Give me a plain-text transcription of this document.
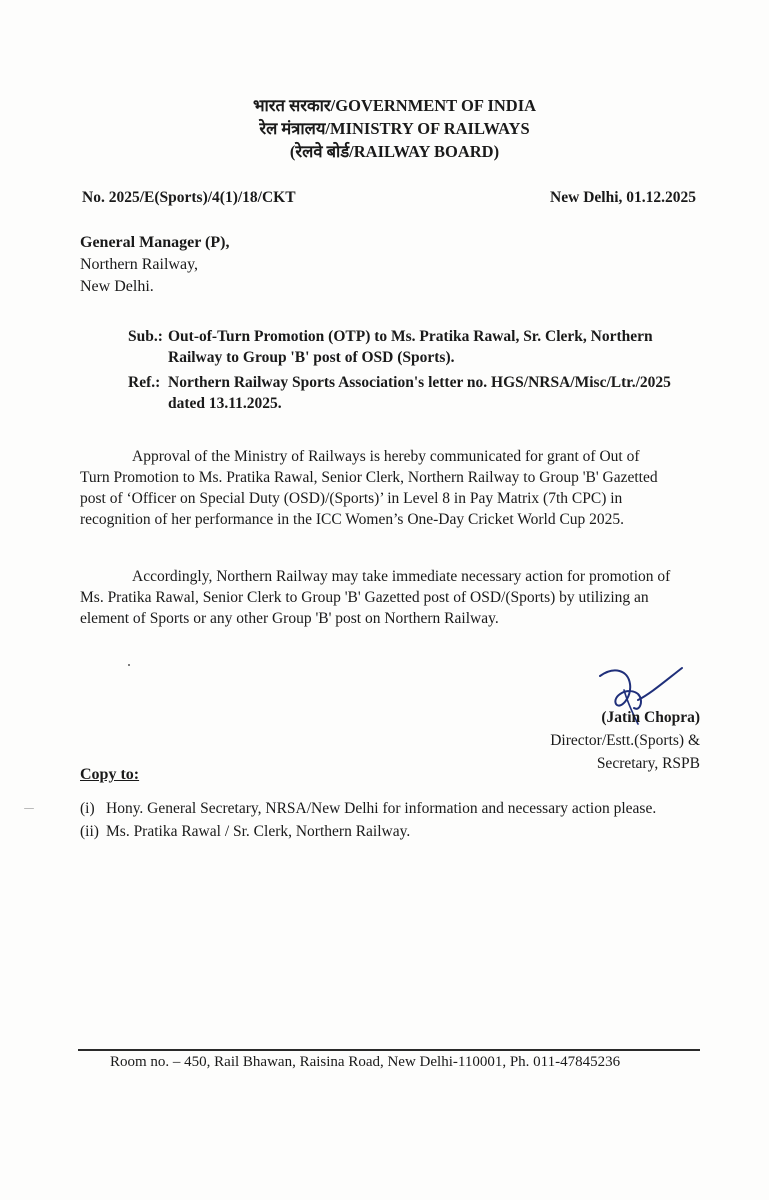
भारत सरकार/GOVERNMENT OF INDIA
रेल मंत्रालय/MINISTRY OF RAILWAYS
(रेलवे बोर्ड/RAILWAY BOARD)
No. 2025/E(Sports)/4(1)/18/CKT	New Delhi, 01.12.2025
General Manager (P),
Northern Railway,
New Delhi.
Sub.: Out-of-Turn Promotion (OTP) to Ms. Pratika Rawal, Sr. Clerk, Northern
Railway to Group 'B' post of OSD (Sports).
Ref.: Northern Railway Sports Association's letter no. HGS/NRSA/Misc/Ltr./2025
dated 13.11.2025.
Approval of the Ministry of Railways is hereby communicated for grant of Out of
Turn Promotion to Ms. Pratika Rawal, Senior Clerk, Northern Railway to Group 'B' Gazetted
post of ‘Officer on Special Duty (OSD)/(Sports)’ in Level 8 in Pay Matrix (7th CPC) in
recognition of her performance in the ICC Women’s One-Day Cricket World Cup 2025.
Accordingly, Northern Railway may take immediate necessary action for promotion of
Ms. Pratika Rawal, Senior Clerk to Group 'B' Gazetted post of OSD/(Sports) by utilizing an
element of Sports or any other Group 'B' post on Northern Railway.
(Jatin Chopra)
Director/Estt.(Sports) &
Secretary, RSPB
Copy to:
(i) Hony. General Secretary, NRSA/New Delhi for information and necessary action please.
(ii) Ms. Pratika Rawal / Sr. Clerk, Northern Railway.
Room no. – 450, Rail Bhawan, Raisina Road, New Delhi-110001, Ph. 011-47845236
